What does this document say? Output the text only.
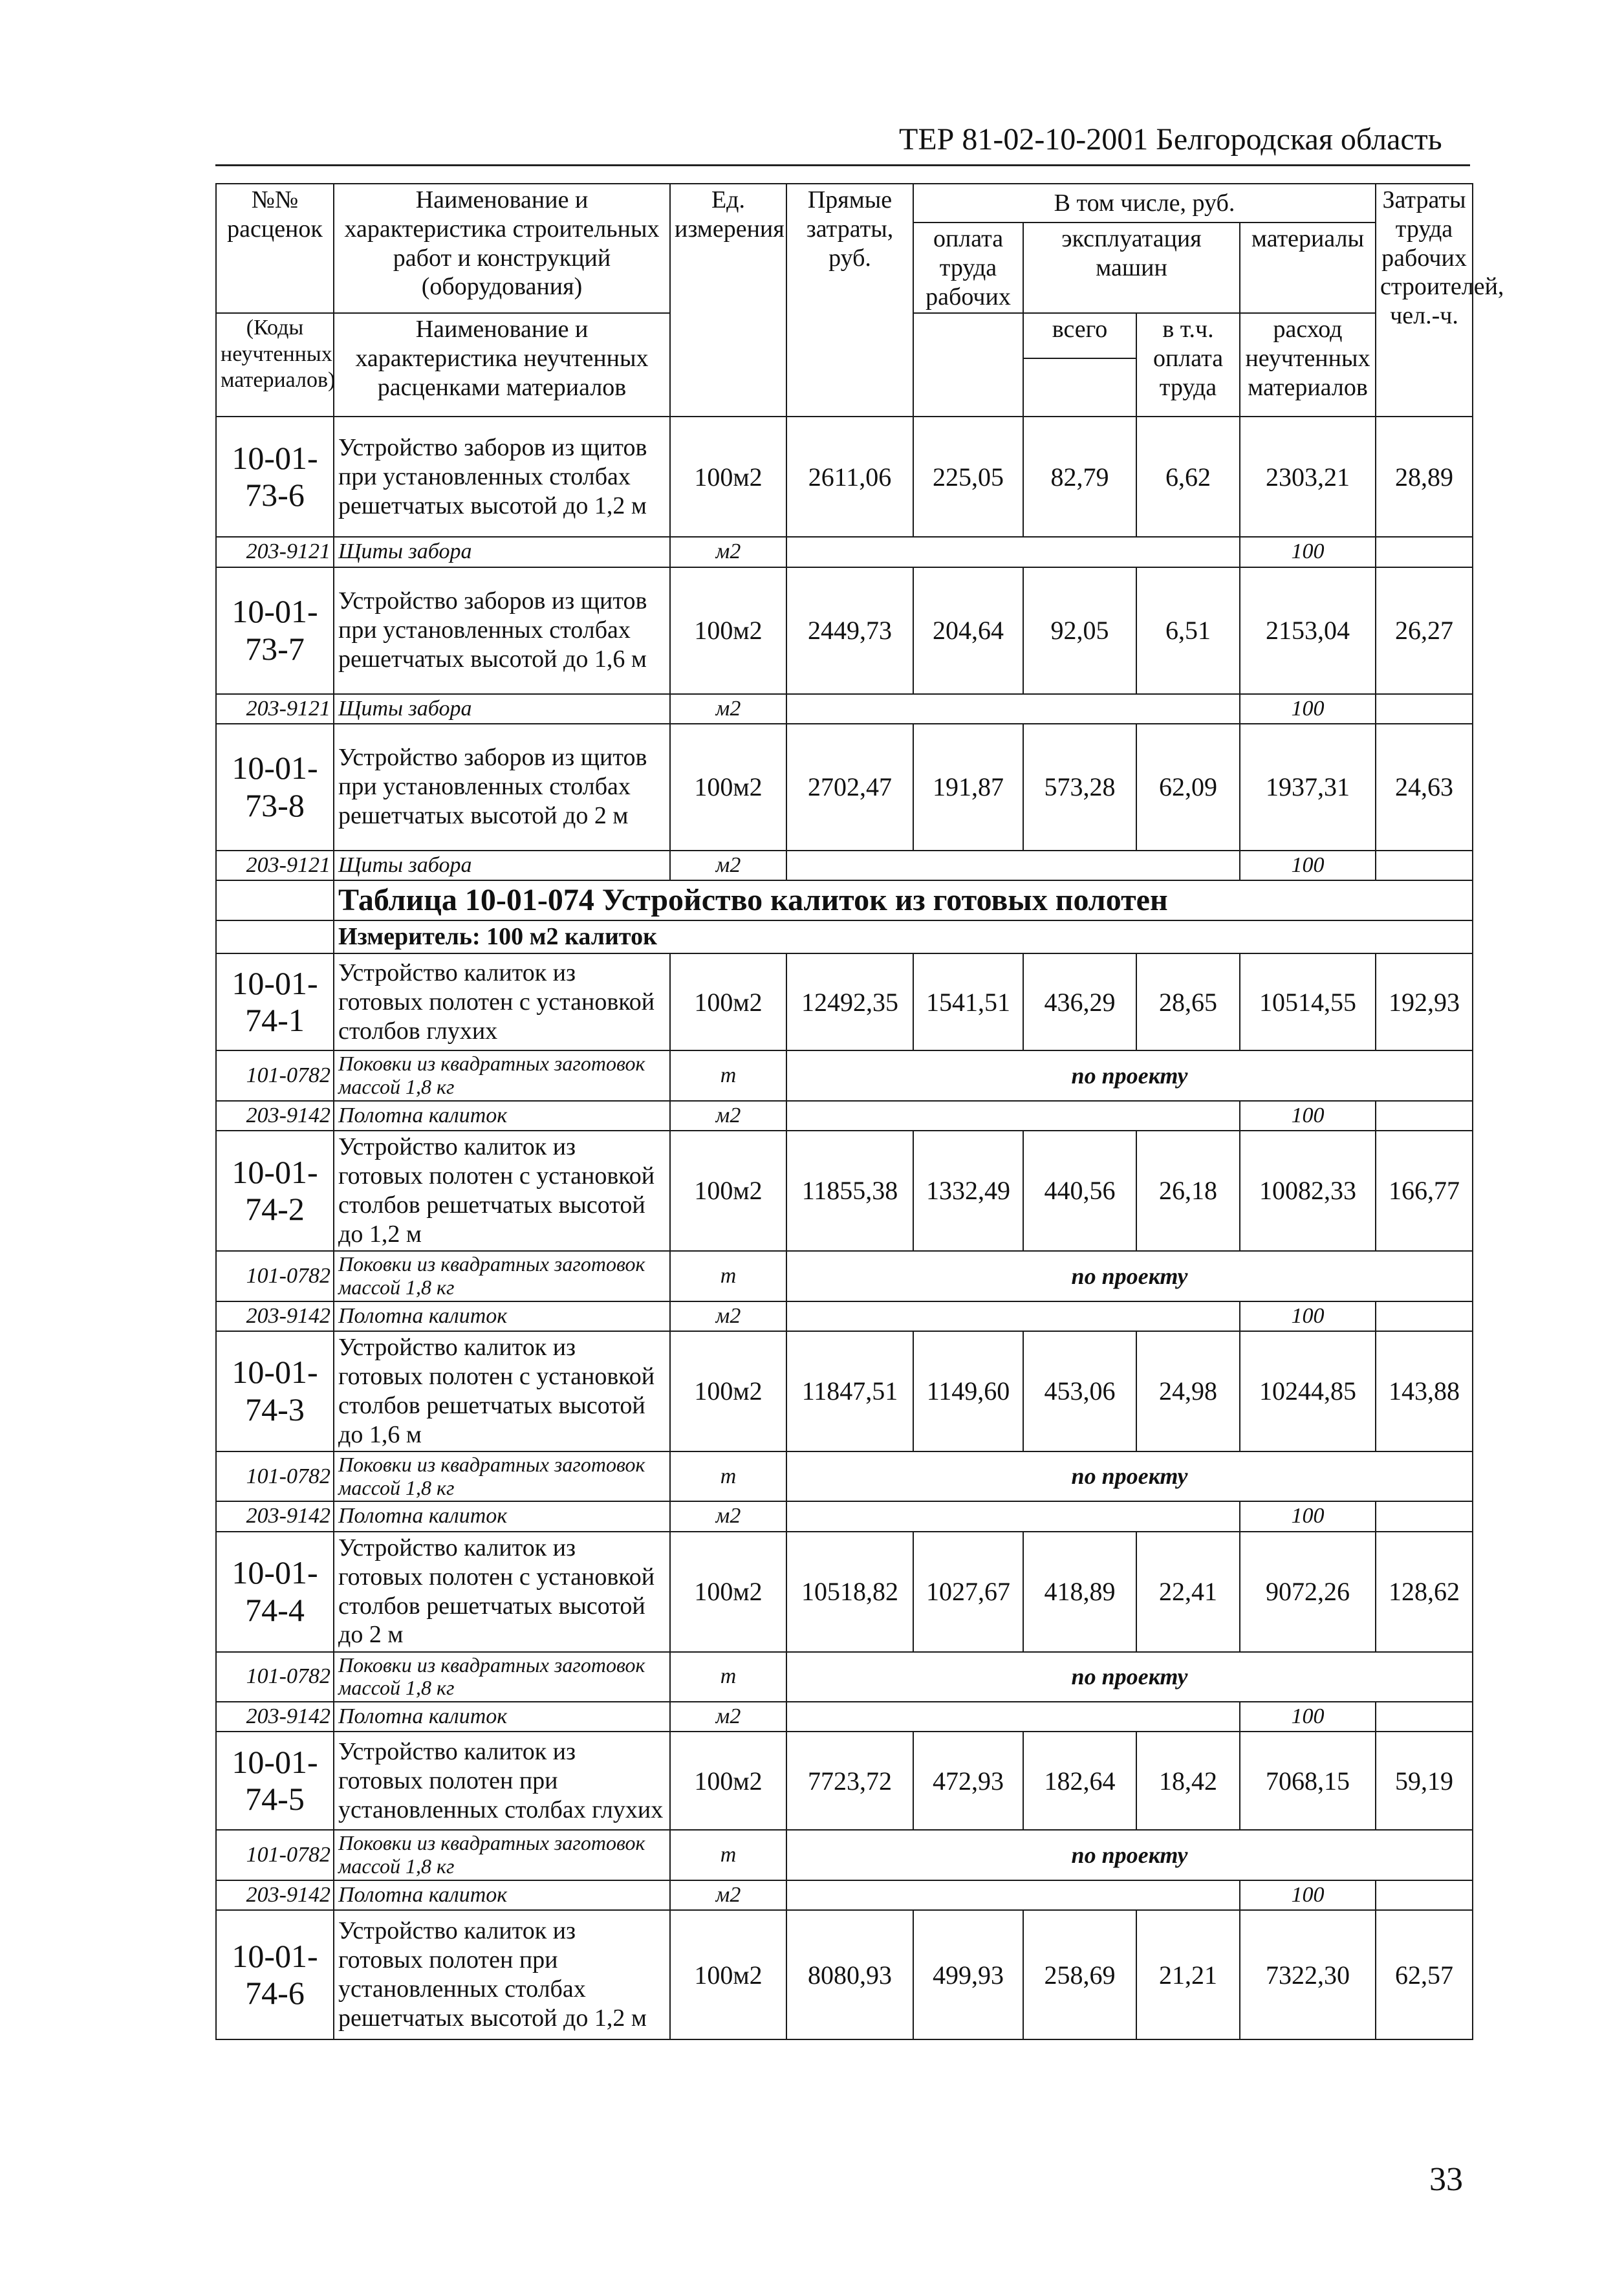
ТЕР 81-02-10-2001 Белгородская область
№№ расценок	Наименование и характеристика строительных работ и конструкций (оборудования)	Ед. измерения	Прямые затраты, руб.	В том числе, руб.				Затраты труда рабочих строителей, чел.-ч.
				оплата труда рабочих	эксплуатация машин		материалы	

(Коды неучтенных материалов)	Наименование и характеристика неучтенных расценками материалов				всего	в т.ч. оплата труда	расход неучтенных материалов	

10-01-73-6	Устройство заборов из щитов при установленных столбах решетчатых высотой до 1,2 м	100м2	2611,06	225,05	82,79	6,62	2303,21	28,89
203-9121	Щиты забора	м2					100	
10-01-73-7	Устройство заборов из щитов при установленных столбах решетчатых высотой до 1,6 м	100м2	2449,73	204,64	92,05	6,51	2153,04	26,27
203-9121	Щиты забора	м2					100	
10-01-73-8	Устройство заборов из щитов при установленных столбах решетчатых высотой до 2 м	100м2	2702,47	191,87	573,28	62,09	1937,31	24,63
203-9121	Щиты забора	м2					100	
	Таблица 10-01-074 Устройство калиток из готовых полотен							
	Измеритель: 100 м2 калиток							
10-01-74-1	Устройство калиток из готовых полотен с установкой столбов глухих	100м2	12492,35	1541,51	436,29	28,65	10514,55	192,93
101-0782	Поковки из квадратных заготовок массой 1,8 кг	т	по проекту					
203-9142	Полотна калиток	м2					100	
10-01-74-2	Устройство калиток из готовых полотен с установкой столбов решетчатых высотой до 1,2 м	100м2	11855,38	1332,49	440,56	26,18	10082,33	166,77
101-0782	Поковки из квадратных заготовок массой 1,8 кг	т	по проекту					
203-9142	Полотна калиток	м2					100	
10-01-74-3	Устройство калиток из готовых полотен с установкой столбов решетчатых высотой до 1,6 м	100м2	11847,51	1149,60	453,06	24,98	10244,85	143,88
101-0782	Поковки из квадратных заготовок массой 1,8 кг	т	по проекту					
203-9142	Полотна калиток	м2					100	
10-01-74-4	Устройство калиток из готовых полотен с установкой столбов решетчатых высотой до 2 м	100м2	10518,82	1027,67	418,89	22,41	9072,26	128,62
101-0782	Поковки из квадратных заготовок массой 1,8 кг	т	по проекту					
203-9142	Полотна калиток	м2					100	
10-01-74-5	Устройство калиток из готовых полотен при установленных столбах глухих	100м2	7723,72	472,93	182,64	18,42	7068,15	59,19
101-0782	Поковки из квадратных заготовок массой 1,8 кг	т	по проекту					
203-9142	Полотна калиток	м2					100	
10-01-74-6	Устройство калиток из готовых полотен при установленных столбах решетчатых высотой до 1,2 м	100м2	8080,93	499,93	258,69	21,21	7322,30	62,57
33
